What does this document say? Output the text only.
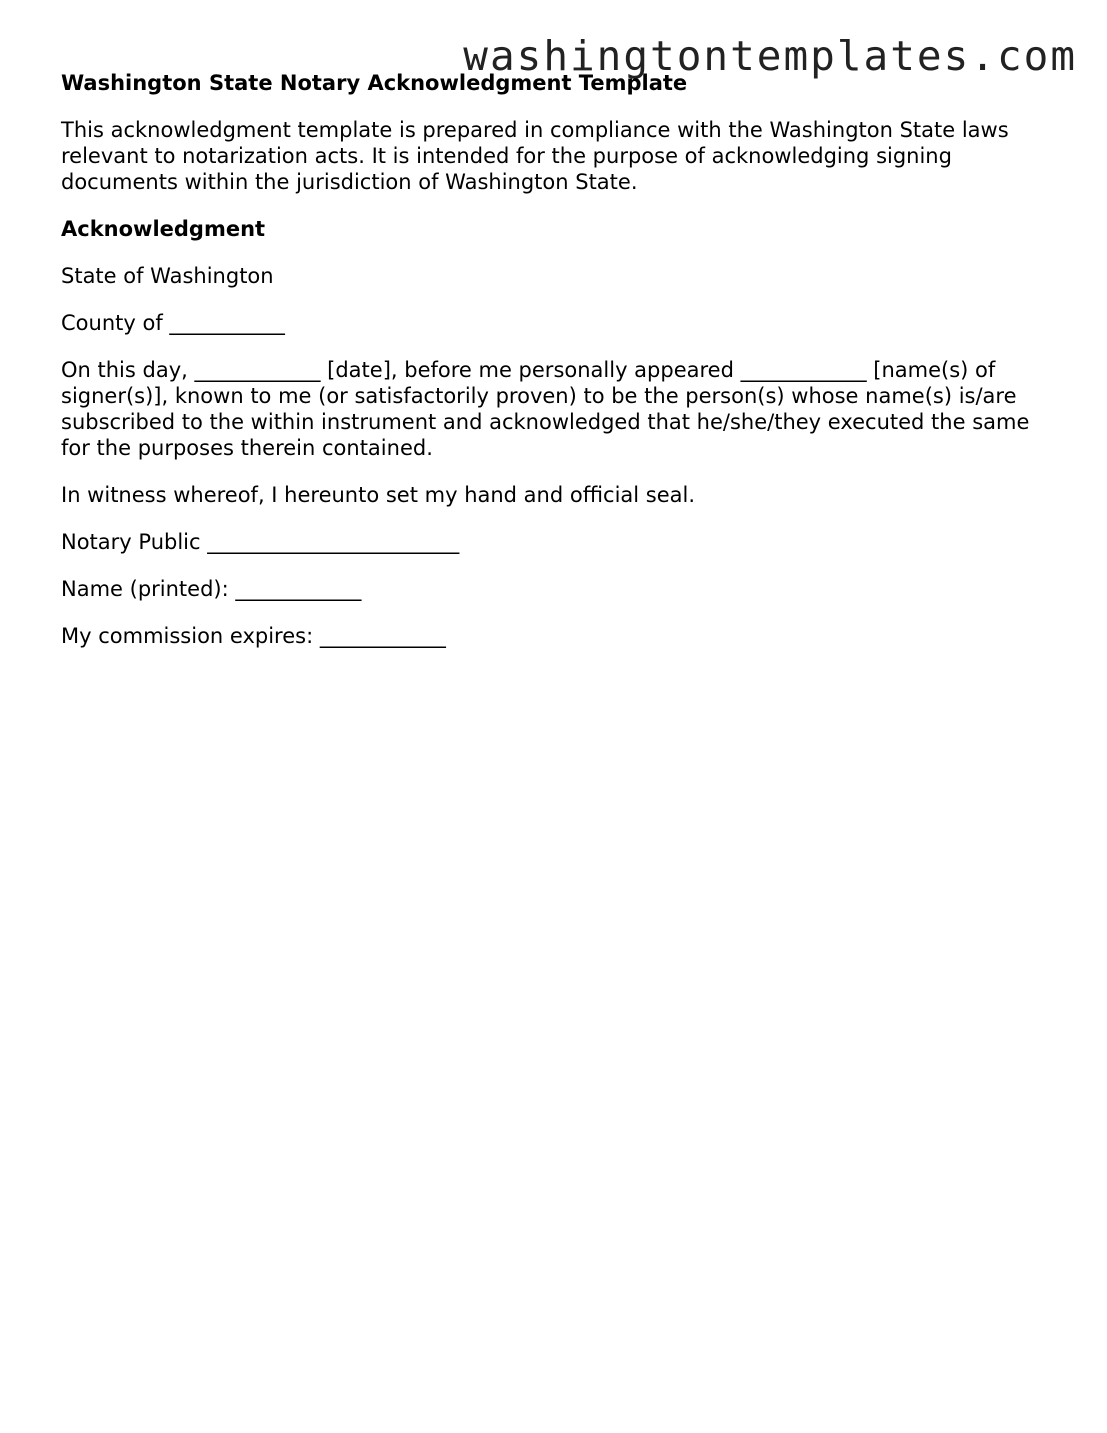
washingtontemplates.com
Washington State Notary Acknowledgment Template
This acknowledgment template is prepared in compliance with the Washington State laws relevant to notarization acts. It is intended for the purpose of acknowledging signing documents within the jurisdiction of Washington State.
Acknowledgment
State of Washington
County of ___________
On this day, ____________ [date], before me personally appeared ____________ [name(s) of signer(s)], known to me (or satisfactorily proven) to be the person(s) whose name(s) is/are subscribed to the within instrument and acknowledged that he/she/they executed the same for the purposes therein contained.
In witness whereof, I hereunto set my hand and official seal.
Notary Public ________________________
Name (printed): ____________
My commission expires: ____________
